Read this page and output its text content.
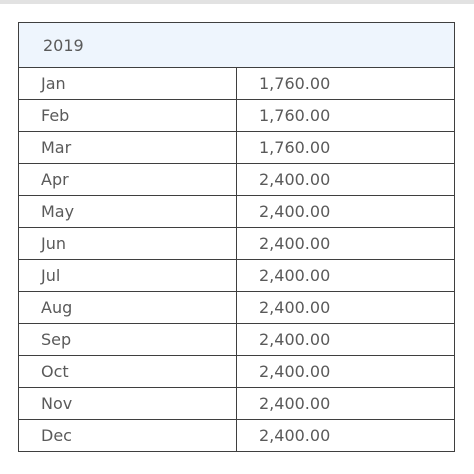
2019	
Jan	1,760.00
Feb	1,760.00
Mar	1,760.00
Apr	2,400.00
May	2,400.00
Jun	2,400.00
Jul	2,400.00
Aug	2,400.00
Sep	2,400.00
Oct	2,400.00
Nov	2,400.00
Dec	2,400.00
